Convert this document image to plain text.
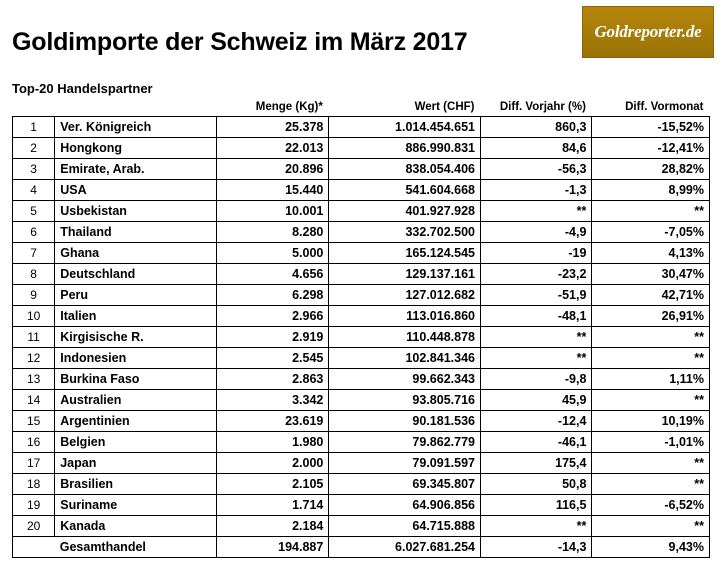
Goldreporter.de
Goldimporte der Schweiz im März 2017
Top-20 Handelspartner
		Menge (Kg)*	Wert (CHF)	Diff. Vorjahr (%)	Diff. Vormonat
1	Ver. Königreich	25.378	1.014.454.651	860,3	-15,52%
2	Hongkong	22.013	886.990.831	84,6	-12,41%
3	Emirate, Arab.	20.896	838.054.406	-56,3	28,82%
4	USA	15.440	541.604.668	-1,3	8,99%
5	Usbekistan	10.001	401.927.928	**	**
6	Thailand	8.280	332.702.500	-4,9	-7,05%
7	Ghana	5.000	165.124.545	-19	4,13%
8	Deutschland	4.656	129.137.161	-23,2	30,47%
9	Peru	6.298	127.012.682	-51,9	42,71%
10	Italien	2.966	113.016.860	-48,1	26,91%
11	Kirgisische R.	2.919	110.448.878	**	**
12	Indonesien	2.545	102.841.346	**	**
13	Burkina Faso	2.863	99.662.343	-9,8	1,11%
14	Australien	3.342	93.805.716	45,9	**
15	Argentinien	23.619	90.181.536	-12,4	10,19%
16	Belgien	1.980	79.862.779	-46,1	-1,01%
17	Japan	2.000	79.091.597	175,4	**
18	Brasilien	2.105	69.345.807	50,8	**
19	Suriname	1.714	64.906.856	116,5	-6,52%
20	Kanada	2.184	64.715.888	**	**
	Gesamthandel	194.887	6.027.681.254	-14,3	9,43%
